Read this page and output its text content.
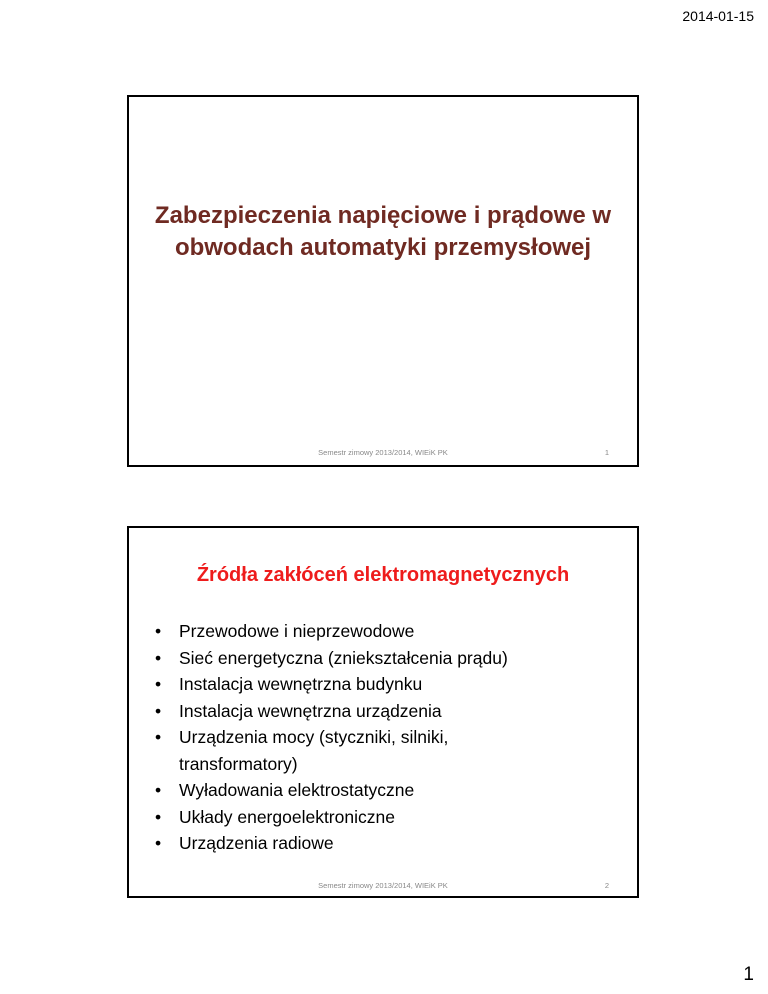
2014-01-15
Zabezpieczenia napięciowe i prądowe w obwodach automatyki przemysłowej
Semestr zimowy 2013/2014, WIEiK PK	1
Źródła zakłóceń elektromagnetycznych
• Przewodowe i nieprzewodowe
• Sieć energetyczna (zniekształcenia prądu)
• Instalacja wewnętrzna budynku
• Instalacja wewnętrzna urządzenia
• Urządzenia mocy (styczniki, silniki, transformatory)
• Wyładowania elektrostatyczne
• Układy energoelektroniczne
• Urządzenia radiowe
Semestr zimowy 2013/2014, WIEiK PK	2
1
